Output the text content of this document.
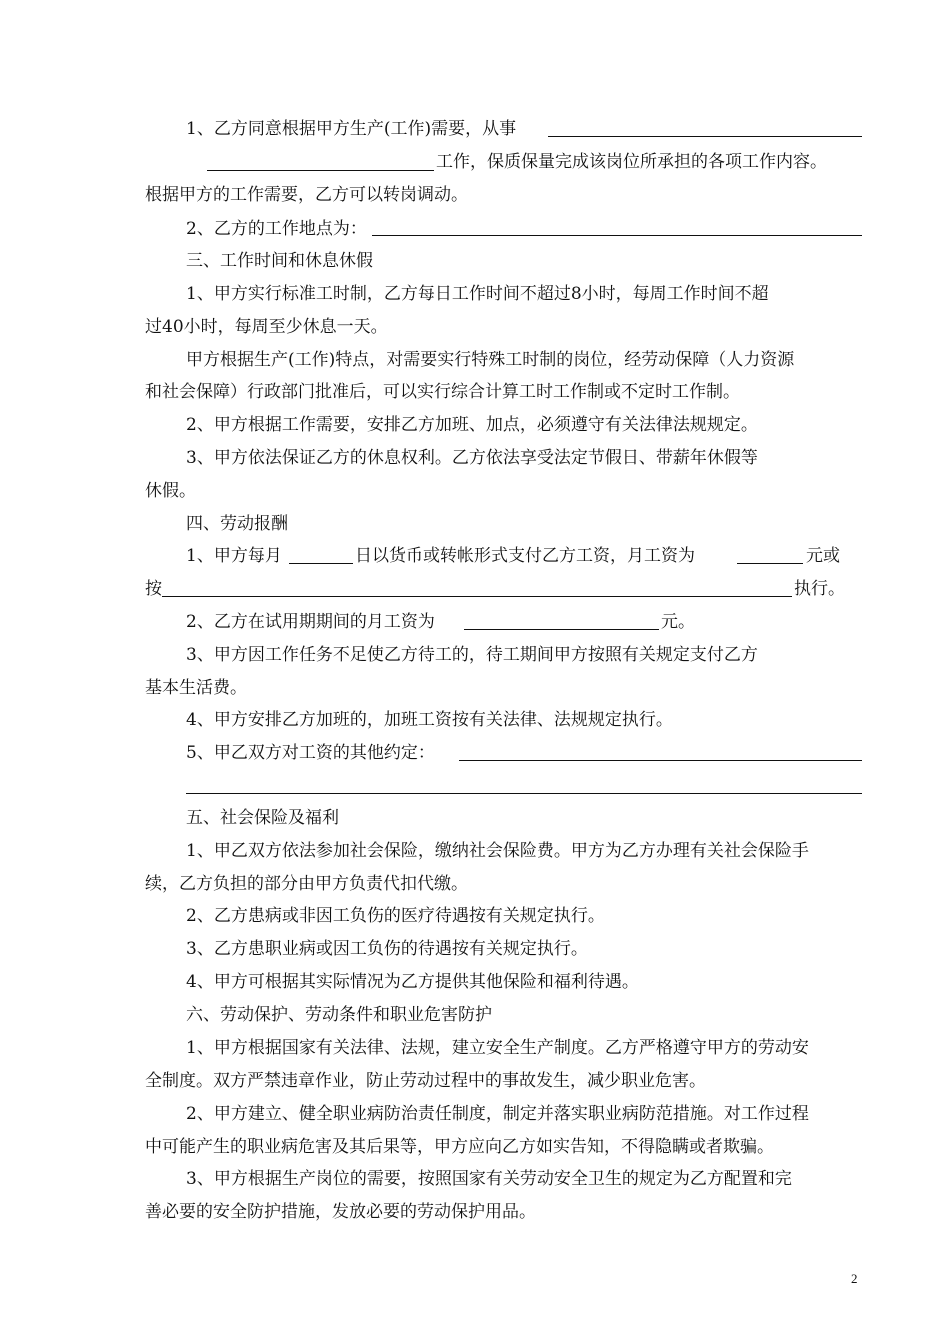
1、乙方同意根据甲方生产(工作)需要，从事
工作，保质保量完成该岗位所承担的各项工作内容。
根据甲方的工作需要，乙方可以转岗调动。
2、乙方的工作地点为：
三、工作时间和休息休假
1、甲方实行标准工时制，乙方每日工作时间不超过8小时，每周工作时间不超
过40小时，每周至少休息一天。
甲方根据生产(工作)特点，对需要实行特殊工时制的岗位，经劳动保障（人力资源
和社会保障）行政部门批准后，可以实行综合计算工时工作制或不定时工作制。
2、甲方根据工作需要，安排乙方加班、加点，必须遵守有关法律法规规定。
3、甲方依法保证乙方的休息权利。乙方依法享受法定节假日、带薪年休假等
休假。
四、劳动报酬
1、甲方每月	日以货币或转帐形式支付乙方工资，月工资为	元或
按	执行。
2、乙方在试用期期间的月工资为	元。
3、甲方因工作任务不足使乙方待工的，待工期间甲方按照有关规定支付乙方
基本生活费。
4、甲方安排乙方加班的，加班工资按有关法律、法规规定执行。
5、甲乙双方对工资的其他约定：
五、社会保险及福利
1、甲乙双方依法参加社会保险，缴纳社会保险费。甲方为乙方办理有关社会保险手
续，乙方负担的部分由甲方负责代扣代缴。
2、乙方患病或非因工负伤的医疗待遇按有关规定执行。
3、乙方患职业病或因工负伤的待遇按有关规定执行。
4、甲方可根据其实际情况为乙方提供其他保险和福利待遇。
六、劳动保护、劳动条件和职业危害防护
1、甲方根据国家有关法律、法规，建立安全生产制度。乙方严格遵守甲方的劳动安
全制度。双方严禁违章作业，防止劳动过程中的事故发生，减少职业危害。
2、甲方建立、健全职业病防治责任制度，制定并落实职业病防范措施。对工作过程
中可能产生的职业病危害及其后果等，甲方应向乙方如实告知，不得隐瞒或者欺骗。
3、甲方根据生产岗位的需要，按照国家有关劳动安全卫生的规定为乙方配置和完
善必要的安全防护措施，发放必要的劳动保护用品。
2
